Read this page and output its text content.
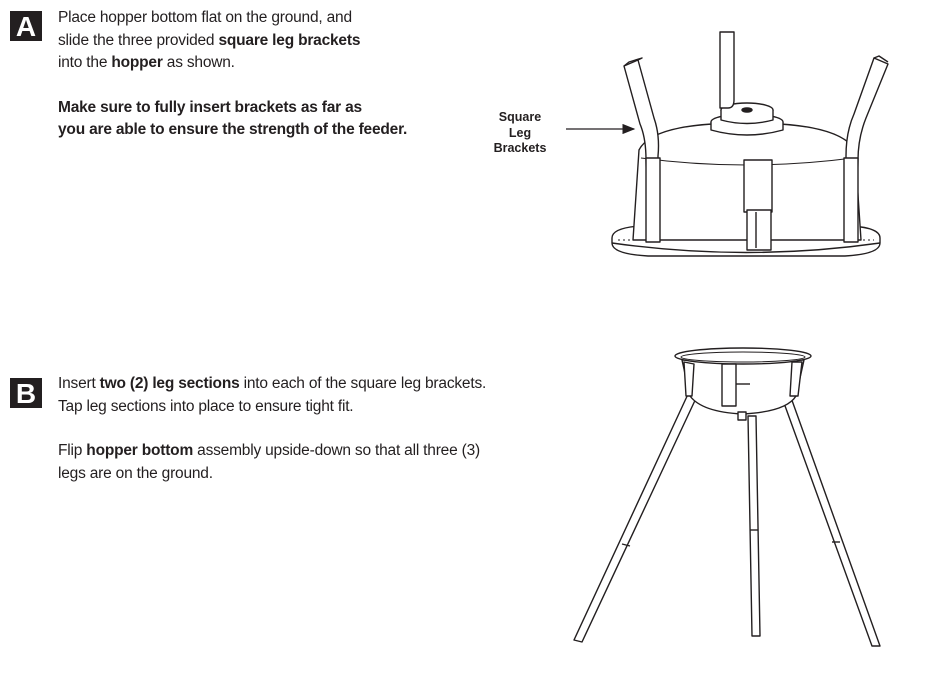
A	Place hopper bottom flat on the ground, and

slide the three provided square leg brackets

into the hopper as shown.

Make sure to fully insert brackets as far as

you are able to ensure the strength of the feeder.

Square
Leg
Brackets
B	Insert two (2) leg sections into each of the square leg brackets.

Tap leg sections into place to ensure tight fit.

Flip hopper bottom assembly upside-down so that all three (3)

legs are on the ground.
